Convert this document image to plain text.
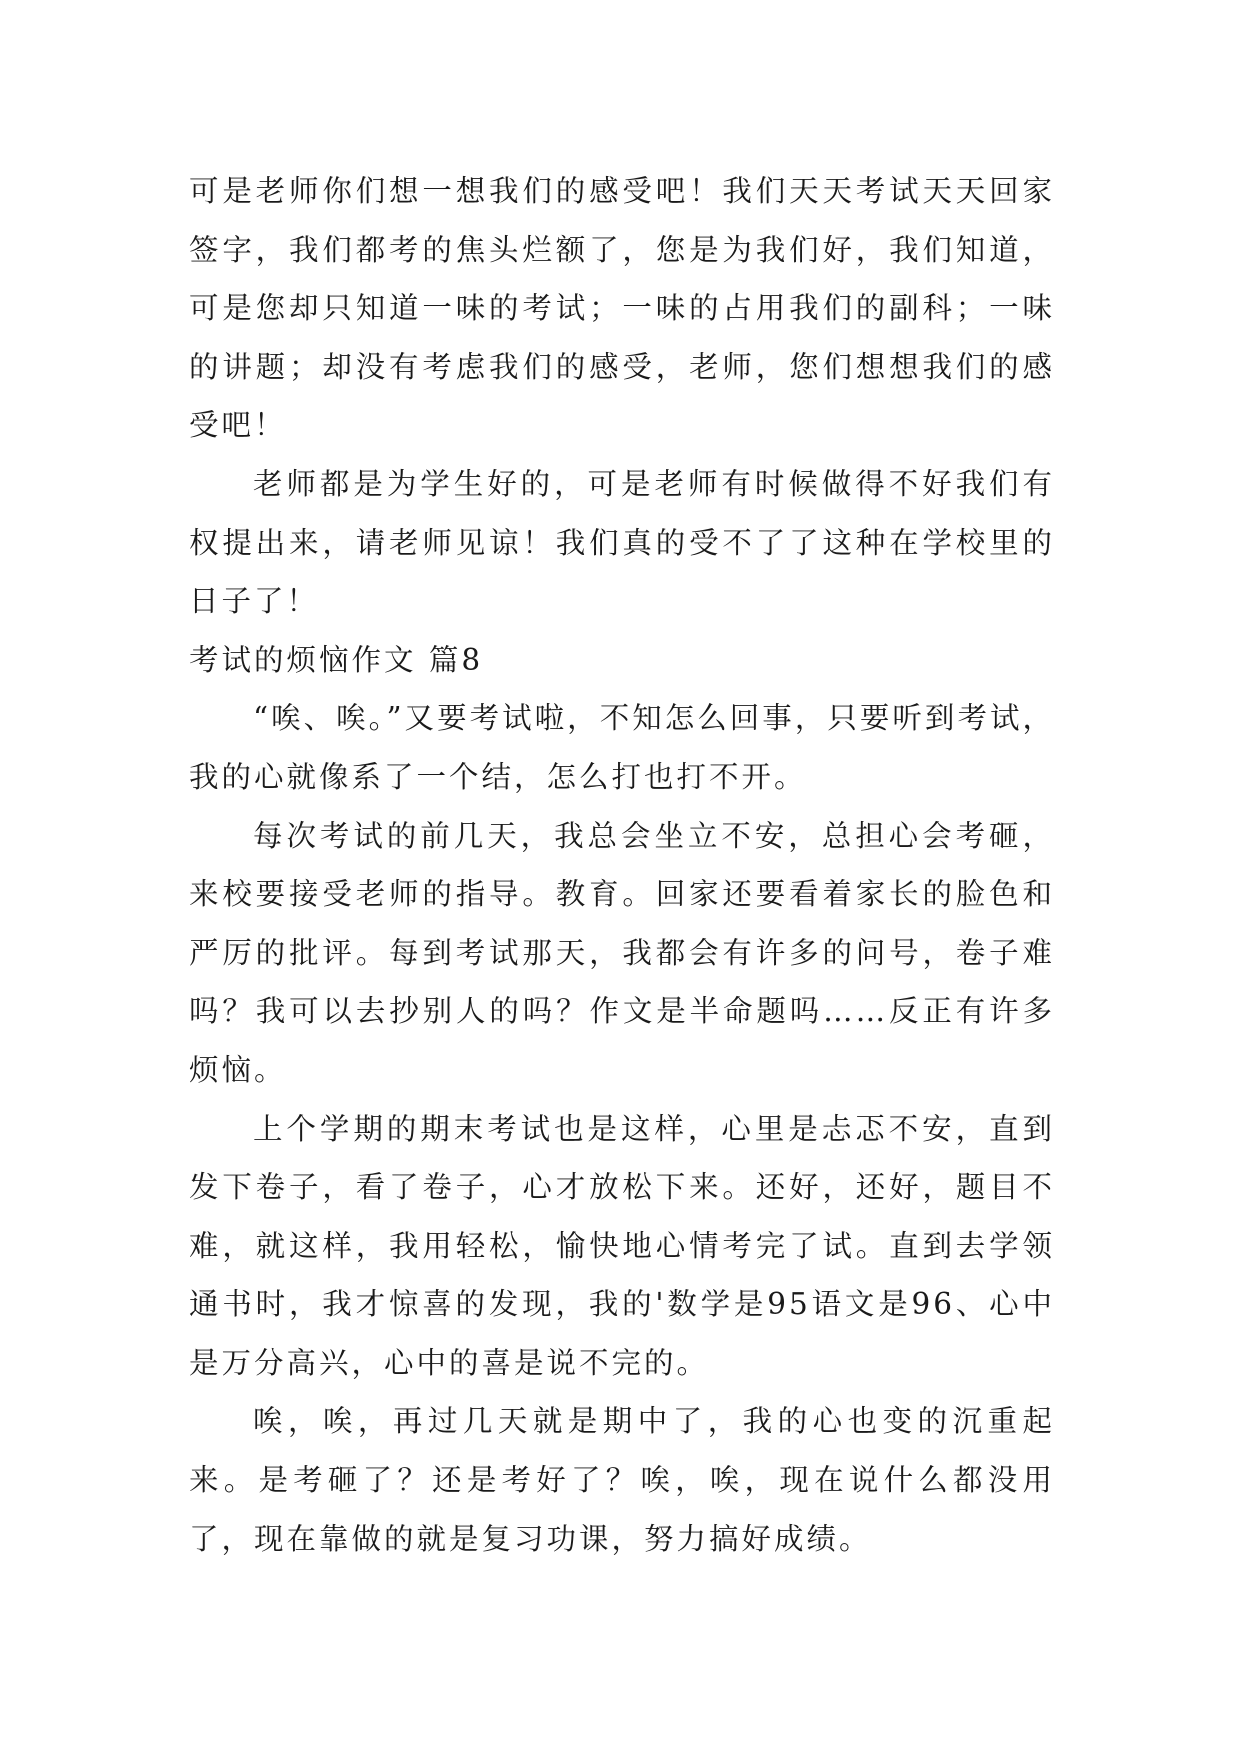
可是老师你们想一想我们的感受吧！我们天天考试天天回家签字，我们都考的焦头烂额了，您是为我们好，我们知道，可是您却只知道一味的考试；一味的占用我们的副科；一味的讲题；却没有考虑我们的感受，老师，您们想想我们的感受吧！

老师都是为学生好的，可是老师有时候做得不好我们有权提出来，请老师见谅！我们真的受不了了这种在学校里的日子了！

考试的烦恼作文 篇8

“唉、唉。”又要考试啦，不知怎么回事，只要听到考试，我的心就像系了一个结，怎么打也打不开。

每次考试的前几天，我总会坐立不安，总担心会考砸，来校要接受老师的指导。教育。回家还要看着家长的脸色和严厉的批评。每到考试那天，我都会有许多的问号，卷子难吗？我可以去抄别人的吗？作文是半命题吗……反正有许多烦恼。

上个学期的期末考试也是这样，心里是忐忑不安，直到发下卷子，看了卷子，心才放松下来。还好，还好，题目不难，就这样，我用轻松，愉快地心情考完了试。直到去学领通书时，我才惊喜的发现，我的'数学是95语文是96、心中是万分高兴，心中的喜是说不完的。

唉，唉，再过几天就是期中了，我的心也变的沉重起来。是考砸了？还是考好了？唉，唉，现在说什么都没用了，现在靠做的就是复习功课，努力搞好成绩。
